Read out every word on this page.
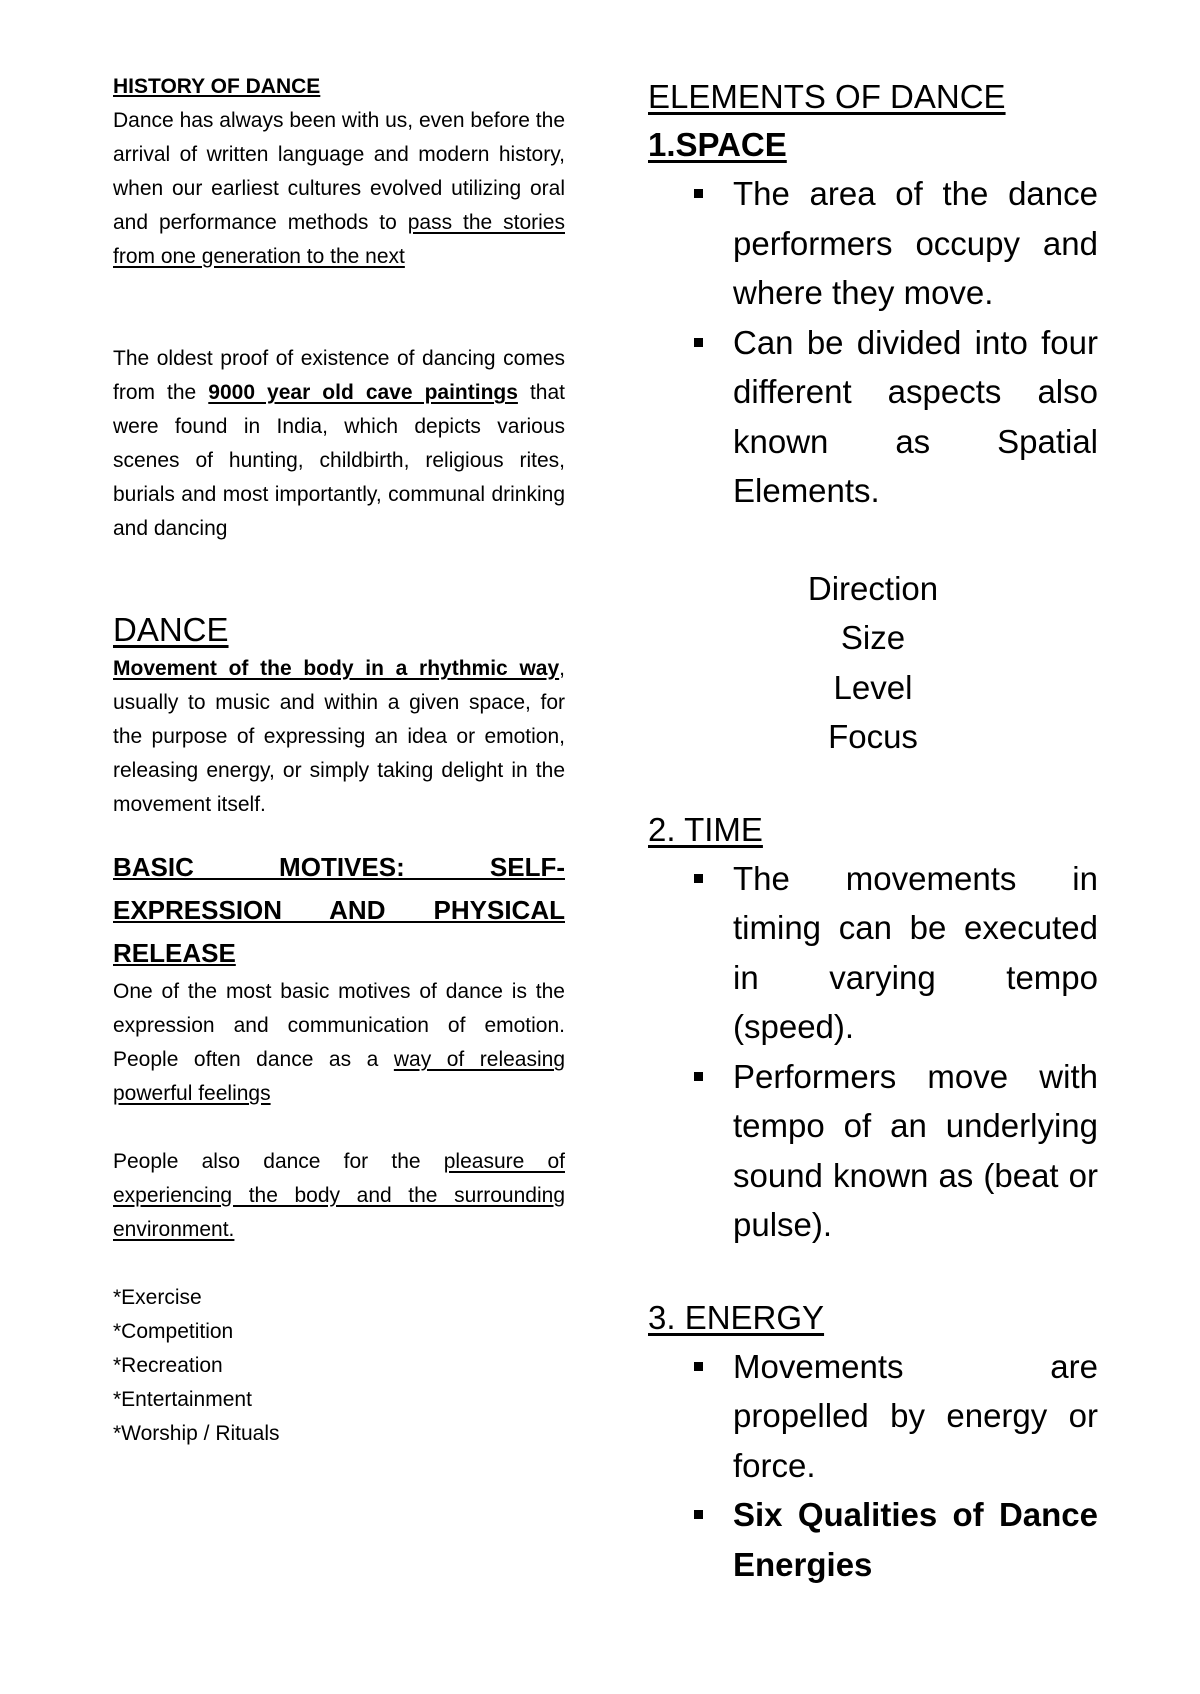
HISTORY OF DANCE

Dance has always been with us, even before the arrival of written language and modern history, when our earliest cultures evolved utilizing oral and performance methods to pass the stories from one generation to the next

The oldest proof of existence of dancing comes from the 9000 year old cave paintings that were found in India, which depicts various scenes of hunting, childbirth, religious rites, burials and most importantly, communal drinking and dancing

DANCE

Movement of the body in a rhythmic way, usually to music and within a given space, for the purpose of expressing an idea or emotion, releasing energy, or simply taking delight in the movement itself.

BASIC MOTIVES: SELF-EXPRESSION AND PHYSICAL RELEASE

One of the most basic motives of dance is the expression and communication of emotion. People often dance as a way of releasing powerful feelings

People also dance for the pleasure of experiencing the body and the surrounding environment.

*Exercise
*Competition
*Recreation
*Entertainment
*Worship / Rituals

ELEMENTS OF DANCE

1.SPACE

The area of the dance performers occupy and where they move.
Can be divided into four different aspects also known as Spatial Elements.
Direction
Size
Level
Focus

2. TIME

The movements in timing can be executed in varying tempo (speed).
Performers move with tempo of an underlying sound known as (beat or pulse).

3. ENERGY

Movements are propelled by energy or force.
Six Qualities of Dance Energies
